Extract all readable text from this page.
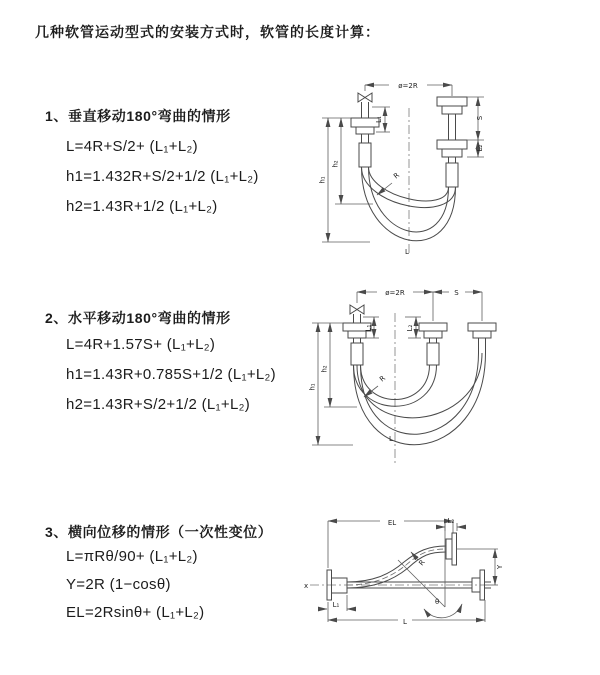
几种软管运动型式的安装方式时，软管的长度计算：
1、垂直移动180°弯曲的情形
L=4R+S/2+ (L₁+L₂)
h1=1.432R+S/2+1/2 (L₁+L₂)
h2=1.43R+1/2 (L₁+L₂)
ø=2R
L₁	S
L₂
h₁
h₂
R
L
2、水平移动180°弯曲的情形
L=4R+1.57S+ (L₁+L₂)
h1=1.43R+0.785S+1/2 (L₁+L₂)
h2=1.43R+S/2+1/2 (L₁+L₂)
ø=2R	S
L₁	L₂
h₁
h₂
R
L
3、横向位移的情形（一次性变位）
L=πRθ/90+ (L₁+L₂)
Y=2R (1−cosθ)
EL=2Rsinθ+ (L₁+L₂)
EL	L₂
Y
x
R
θ
L₁
L
